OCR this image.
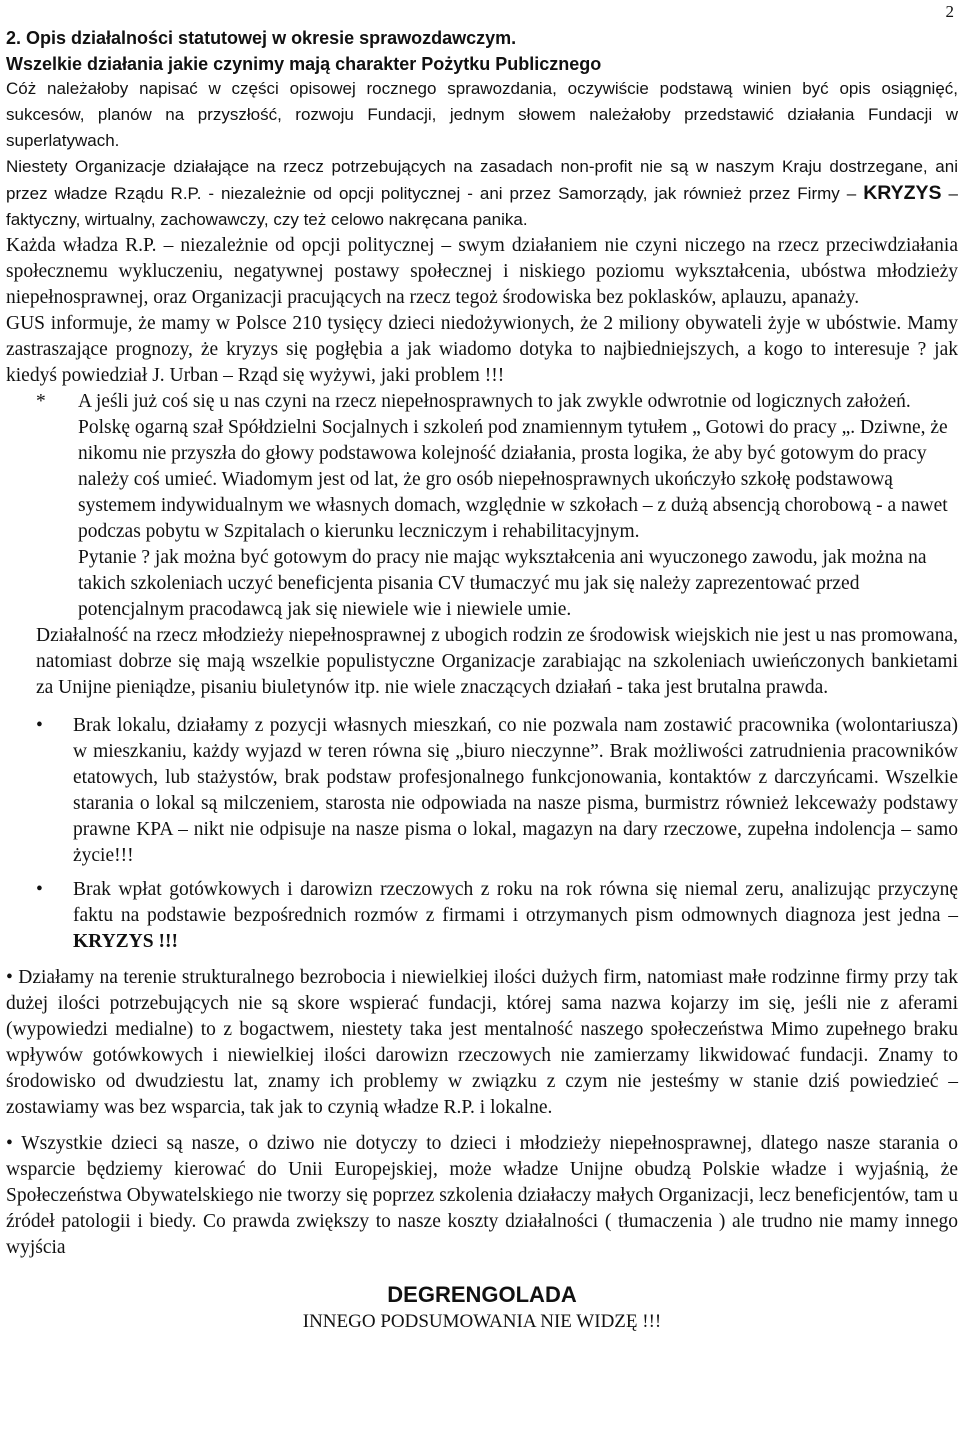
2
2. Opis działalności statutowej w okresie sprawozdawczym.
Wszelkie działania jakie czynimy mają charakter Pożytku Publicznego

Cóż należałoby napisać w części opisowej rocznego sprawozdania, oczywiście podstawą winien być opis osiągnięć, sukcesów, planów na przyszłość, rozwoju Fundacji, jednym słowem należałoby przedstawić działania Fundacji w superlatywach.

Niestety Organizacje działające na rzecz potrzebujących na zasadach non-profit nie są w naszym Kraju dostrzegane, ani przez władze Rządu R.P. - niezależnie od opcji politycznej - ani przez Samorządy, jak również przez Firmy – KRYZYS – faktyczny, wirtualny, zachowawczy, czy też celowo nakręcana panika.

Każda władza R.P. – niezależnie od opcji politycznej – swym działaniem nie czyni niczego na rzecz przeciwdziałania społecznemu wykluczeniu, negatywnej postawy społecznej i niskiego poziomu wykształcenia, ubóstwa młodzieży niepełnosprawnej, oraz Organizacji pracujących na rzecz tegoż środowiska bez poklasków, aplauzu, apanaży.

GUS informuje, że mamy w Polsce 210 tysięcy dzieci niedożywionych, że 2 miliony obywateli żyje w ubóstwie. Mamy zastraszające prognozy, że kryzys się pogłębia a jak wiadomo dotyka to najbiedniejszych, a kogo to interesuje ? jak kiedyś powiedział J. Urban – Rząd się wyżywi, jaki problem !!!

* A jeśli już coś się u nas czyni na rzecz niepełnosprawnych to jak zwykle odwrotnie od logicznych założeń. Polskę ogarną szał Spółdzielni Socjalnych i szkoleń pod znamiennym tytułem „ Gotowi do pracy „. Dziwne, że nikomu nie przyszła do głowy podstawowa kolejność działania, prosta logika, że aby być gotowym do pracy należy coś umieć. Wiadomym jest od lat, że gro osób niepełnosprawnych ukończyło szkołę podstawową systemem indywidualnym we własnych domach, względnie w szkołach – z dużą absencją chorobową - a nawet podczas pobytu w Szpitalach o kierunku leczniczym i rehabilitacyjnym.

Pytanie ? jak można być gotowym do pracy nie mając wykształcenia ani wyuczonego zawodu, jak można na takich szkoleniach uczyć beneficjenta pisania CV tłumaczyć mu jak się należy zaprezentować przed potencjalnym pracodawcą jak się niewiele wie i niewiele umie.

Działalność na rzecz młodzieży niepełnosprawnej z ubogich rodzin ze środowisk wiejskich nie jest u nas promowana, natomiast dobrze się mają wszelkie populistyczne Organizacje zarabiając na szkoleniach uwieńczonych bankietami za Unijne pieniądze, pisaniu biuletynów itp. nie wiele znaczących działań - taka jest brutalna prawda.

• Brak lokalu, działamy z pozycji własnych mieszkań, co nie pozwala nam zostawić pracownika (wolontariusza) w mieszkaniu, każdy wyjazd w teren równa się „biuro nieczynne”. Brak możliwości zatrudnienia pracowników etatowych, lub stażystów, brak podstaw profesjonalnego funkcjonowania, kontaktów z darczyńcami. Wszelkie starania o lokal są milczeniem, starosta nie odpowiada na nasze pisma, burmistrz również lekceważy podstawy prawne KPA – nikt nie odpisuje na nasze pisma o lokal, magazyn na dary rzeczowe, zupełna indolencja – samo życie!!!
• Brak wpłat gotówkowych i darowizn rzeczowych z roku na rok równa się niemal zeru, analizując przyczynę faktu na podstawie bezpośrednich rozmów z firmami i otrzymanych pism odmownych diagnoza jest jedna – KRYZYS !!!

• Działamy na terenie strukturalnego bezrobocia i niewielkiej ilości dużych firm, natomiast małe rodzinne firmy przy tak dużej ilości potrzebujących nie są skore wspierać fundacji, której sama nazwa kojarzy im się, jeśli nie z aferami (wypowiedzi medialne) to z bogactwem, niestety taka jest mentalność naszego społeczeństwa Mimo zupełnego braku wpływów gotówkowych i niewielkiej ilości darowizn rzeczowych nie zamierzamy likwidować fundacji. Znamy to środowisko od dwudziestu lat, znamy ich problemy w związku z czym nie jesteśmy w stanie dziś powiedzieć – zostawiamy was bez wsparcia, tak jak to czynią władze R.P. i lokalne.

• Wszystkie dzieci są nasze, o dziwo nie dotyczy to dzieci i młodzieży niepełnosprawnej, dlatego nasze starania o wsparcie będziemy kierować do Unii Europejskiej, może władze Unijne obudzą Polskie władze i wyjaśnią, że Społeczeństwa Obywatelskiego nie tworzy się poprzez szkolenia działaczy małych Organizacji, lecz beneficjentów, tam u źródeł patologii i biedy. Co prawda zwiększy to nasze koszty działalności ( tłumaczenia ) ale trudno nie mamy innego wyjścia

DEGRENGOLADA
INNEGO PODSUMOWANIA NIE WIDZĘ !!!
